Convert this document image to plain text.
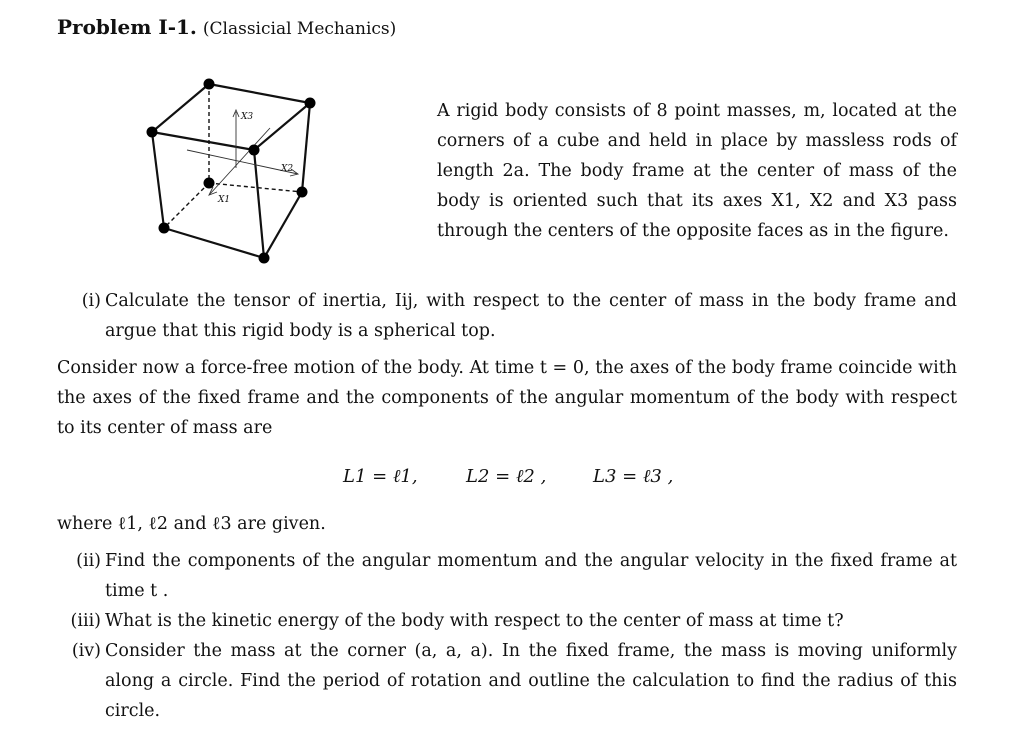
Problem I-1. (Classicial Mechanics)
X3
X2
X1

A rigid body consists of 8 point masses, m, located at the corners of a cube and held in place by massless rods of length 2a. The body frame at the center of mass of the body is oriented such that its axes X1, X2 and X3 pass through the centers of the opposite faces as in the figure.

(i) Calculate the tensor of inertia, Iij, with respect to the center of mass in the body frame and argue that this rigid body is a spherical top.

Consider now a force-free motion of the body. At time t = 0, the axes of the body frame coincide with the axes of the fixed frame and the components of the angular momentum of the body with respect to its center of mass are

L1 = ℓ1,	L2 = ℓ2 ,	L3 = ℓ3 ,

where ℓ1, ℓ2 and ℓ3 are given.

(ii) Find the components of the angular momentum and the angular velocity in the fixed frame at time t .
(iii) What is the kinetic energy of the body with respect to the center of mass at time t?
(iv) Consider the mass at the corner (a, a, a). In the fixed frame, the mass is moving uniformly along a circle. Find the period of rotation and outline the calculation to find the radius of this circle.
